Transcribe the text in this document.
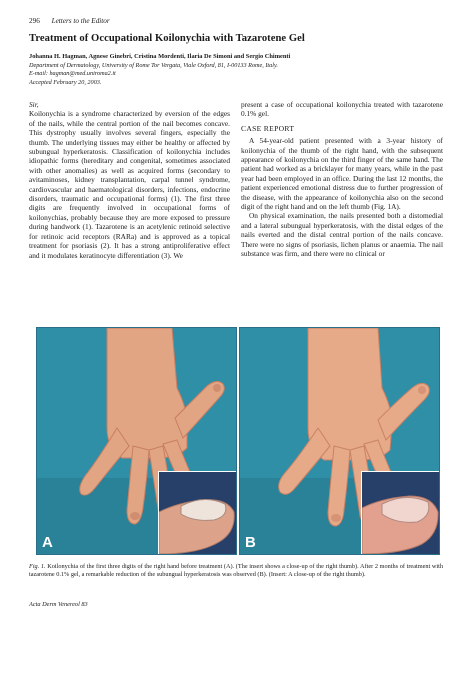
296 Letters to the Editor
Treatment of Occupational Koilonychia with Tazarotene Gel
Johanna H. Hagman, Agnese Ginebri, Cristina Mordenti, Ilaria De Simoni and Sergio Chimenti
Department of Dermatology, University of Rome Tor Vergata, Viale Oxford, 81, I-00133 Rome, Italy.
E-mail: hagman@med.uniroma2.it
Accepted February 20, 2003.

Sir,

Koilonychia is a syndrome characterized by eversion of the edges of the nails, while the central portion of the nail becomes concave. This dystrophy usually involves several fingers, especially the thumb. The underlying tissues may either be healthy or affected by subungual hyperkeratosis. Classification of koilonychia includes idiopathic forms (hereditary and congenital, sometimes associated with other anomalies) as well as acquired forms (secondary to avitaminoses, kidney transplantation, carpal tunnel syndrome, cardiovascular and haematological disorders, infections, endocrine disorders, traumatic and occupational forms) (1). The first three digits are frequently involved in occupational forms of koilonychias, probably because they are more exposed to pressure during handwork (1). Tazarotene is an acetylenic retinoid selective for retinoic acid receptors (RARa) and is approved as a topical treatment for psoriasis (2). It has a strong antiproliferative effect and it modulates keratinocyte differentiation (3). We

present a case of occupational koilonychia treated with tazarotene 0.1% gel.

CASE REPORT

A 54-year-old patient presented with a 3-year history of koilonychia of the thumb of the right hand, with the subsequent appearance of koilonychia on the third finger of the same hand. The patient had worked as a bricklayer for many years, while in the past year had been employed in an office. During the last 12 months, the patient experienced emotional distress due to further progression of the disease, with the appearance of koilonychia also on the second digit of the right hand and on the left thumb (Fig. 1A).

On physical examination, the nails presented both a distomedial and a lateral subungual hyperkeratosis, with the distal edges of the nails everted and the distal central portion of the nails concave. There were no signs of psoriasis, lichen planus or anaemia. The nail substance was firm, and there were no clinical or

A	B
Fig. 1. Koilonychia of the first three digits of the right hand before treatment (A). (The insert shows a close-up of the right thumb). After 2 months of treatment with tazarotene 0.1% gel, a remarkable reduction of the subungual hyperkeratosis was observed (B). (Insert: A close-up of the right thumb).
Acta Derm Venereol 83
